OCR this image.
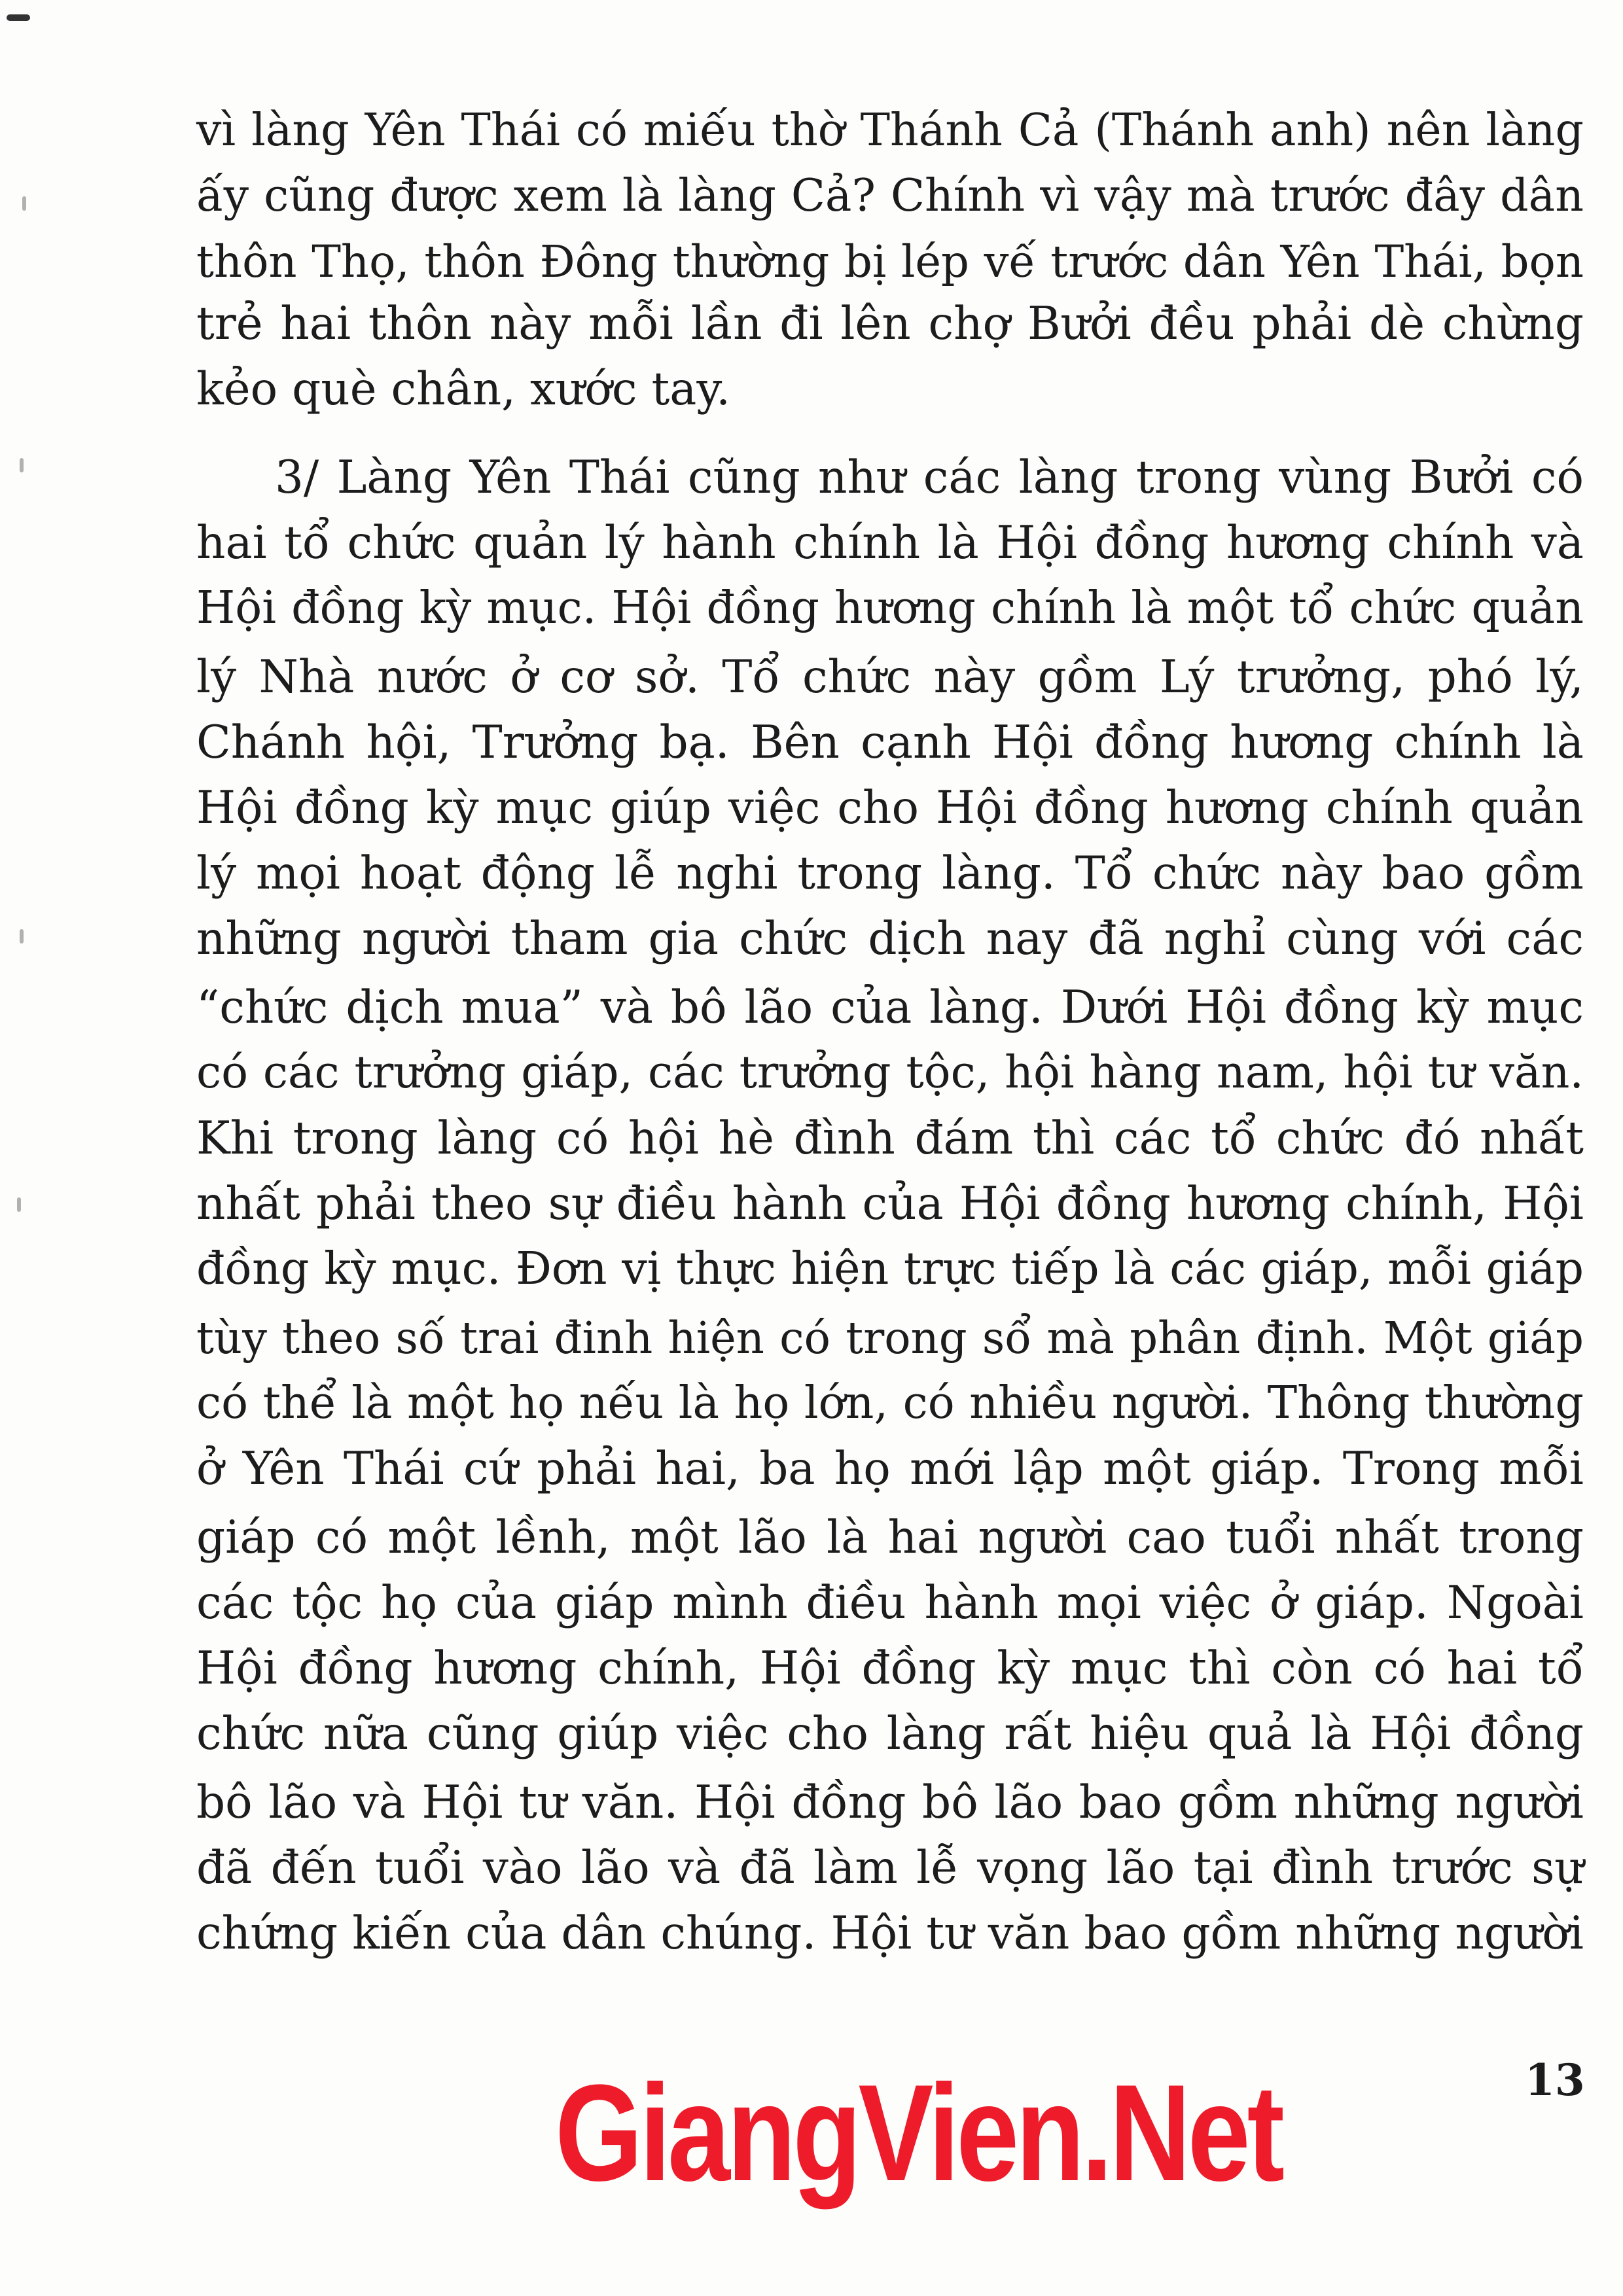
vì làng Yên Thái có miếu thờ Thánh Cả (Thánh anh) nên làng
ấy cũng được xem là làng Cả? Chính vì vậy mà trước đây dân
thôn Thọ, thôn Đông thường bị lép vế trước dân Yên Thái, bọn
trẻ hai thôn này mỗi lần đi lên chợ Bưởi đều phải dè chừng
kẻo què chân, xước tay.
3/ Làng Yên Thái cũng như các làng trong vùng Bưởi có
hai tổ chức quản lý hành chính là Hội đồng hương chính và
Hội đồng kỳ mục. Hội đồng hương chính là một tổ chức quản
lý Nhà nước ở cơ sở. Tổ chức này gồm Lý trưởng, phó lý,
Chánh hội, Trưởng bạ. Bên cạnh Hội đồng hương chính là
Hội đồng kỳ mục giúp việc cho Hội đồng hương chính quản
lý mọi hoạt động lễ nghi trong làng. Tổ chức này bao gồm
những người tham gia chức dịch nay đã nghỉ cùng với các
“chức dịch mua” và bô lão của làng. Dưới Hội đồng kỳ mục
có các trưởng giáp, các trưởng tộc, hội hàng nam, hội tư văn.
Khi trong làng có hội hè đình đám thì các tổ chức đó nhất
nhất phải theo sự điều hành của Hội đồng hương chính, Hội
đồng kỳ mục. Đơn vị thực hiện trực tiếp là các giáp, mỗi giáp
tùy theo số trai đinh hiện có trong sổ mà phân định. Một giáp
có thể là một họ nếu là họ lớn, có nhiều người. Thông thường
ở Yên Thái cứ phải hai, ba họ mới lập một giáp. Trong mỗi
giáp có một lềnh, một lão là hai người cao tuổi nhất trong
các tộc họ của giáp mình điều hành mọi việc ở giáp. Ngoài
Hội đồng hương chính, Hội đồng kỳ mục thì còn có hai tổ
chức nữa cũng giúp việc cho làng rất hiệu quả là Hội đồng
bô lão và Hội tư văn. Hội đồng bô lão bao gồm những người
đã đến tuổi vào lão và đã làm lễ vọng lão tại đình trước sự
chứng kiến của dân chúng. Hội tư văn bao gồm những người
13
GiangVien.Net
